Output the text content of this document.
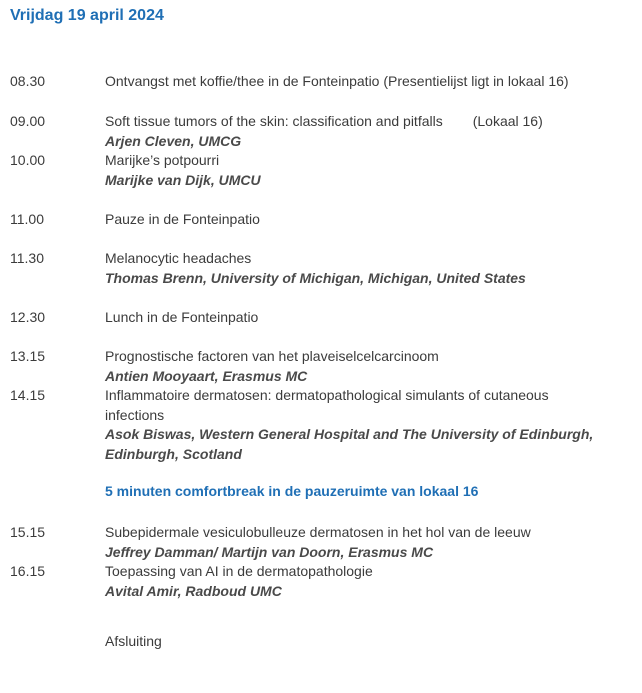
Vrijdag 19 april 2024
08.30	Ontvangst met koffie/thee in de Fonteinpatio (Presentielijst ligt in lokaal 16)
09.00	Soft tissue tumors of the skin: classification and pitfalls (Lokaal 16)
Arjen Cleven, UMCG
10.00	Marijke’s potpourri
Marijke van Dijk, UMCU
11.00	Pauze in de Fonteinpatio
11.30	Melanocytic headaches
Thomas Brenn, University of Michigan, Michigan, United States
12.30	Lunch in de Fonteinpatio
13.15	Prognostische factoren van het plaveiselcelcarcinoom
Antien Mooyaart, Erasmus MC
14.15	Inflammatoire dermatosen: dermatopathological simulants of cutaneous
infections
Asok Biswas, Western General Hospital and The University of Edinburgh,
Edinburgh, Scotland
5 minuten comfortbreak in de pauzeruimte van lokaal 16
15.15	Subepidermale vesiculobulleuze dermatosen in het hol van de leeuw
Jeffrey Damman/ Martijn van Doorn, Erasmus MC
16.15	Toepassing van AI in de dermatopathologie
Avital Amir, Radboud UMC
Afsluiting
